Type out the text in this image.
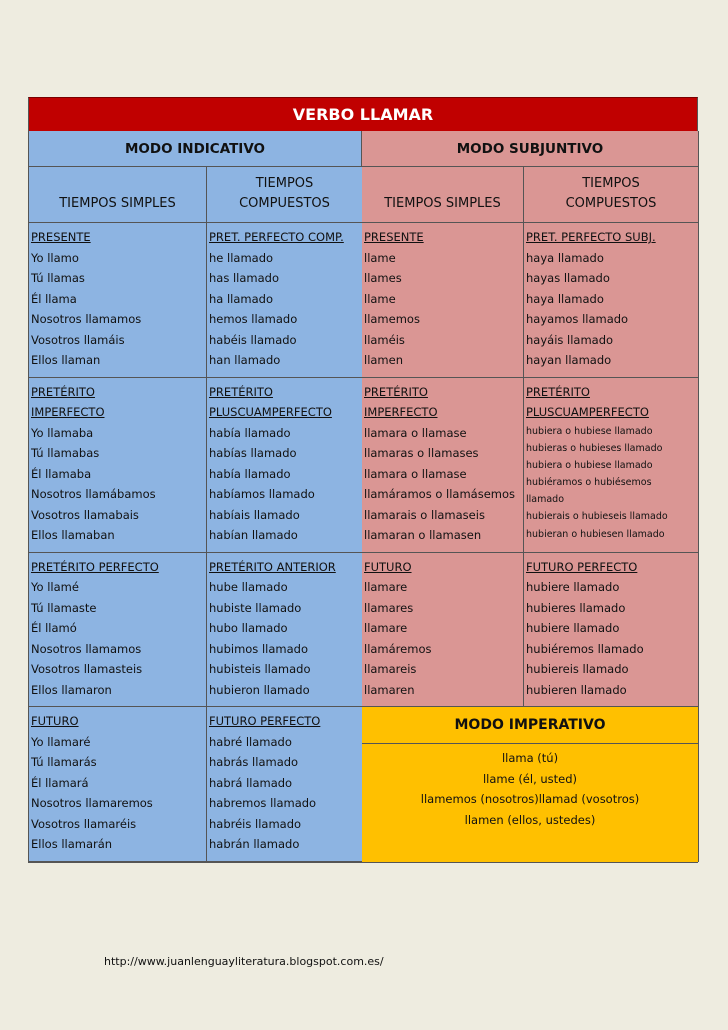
VERBO LLAMAR
MODO INDICATIVO	MODO SUBJUNTIVO
TIEMPOS SIMPLES
TIEMPOS
COMPUESTOS	TIEMPOS SIMPLES
TIEMPOS
COMPUESTOS
PRESENTE
Yo llamo
Tú llamas
Él llama
Nosotros llamamos
Vosotros llamáis
Ellos llaman
PRET. PERFECTO COMP.
he llamado
has llamado
ha llamado
hemos llamado
habéis llamado
han llamado
PRESENTE
llame
llames
llame
llamemos
llaméis
llamen
PRET. PERFECTO SUBJ.
haya llamado
hayas llamado
haya llamado
hayamos llamado
hayáis llamado
hayan llamado
PRETÉRITO
IMPERFECTO
Yo llamaba
Tú llamabas
Él llamaba
Nosotros llamábamos
Vosotros llamabais
Ellos llamaban
PRETÉRITO
PLUSCUAMPERFECTO
había llamado
habías llamado
había llamado
habíamos llamado
habíais llamado
habían llamado
PRETÉRITO
IMPERFECTO
llamara o llamase
llamaras o llamases
llamara o llamase
llamáramos o llamásemos
llamarais o llamaseis
llamaran o llamasen
PRETÉRITO
PLUSCUAMPERFECTO
hubiera o hubiese llamado
hubieras o hubieses llamado
hubiera o hubiese llamado
hubiéramos o hubiésemos
llamado
hubierais o hubieseis llamado
hubieran o hubiesen llamado
PRETÉRITO PERFECTO
Yo llamé
Tú llamaste
Él llamó
Nosotros llamamos
Vosotros llamasteis
Ellos llamaron
PRETÉRITO ANTERIOR
hube llamado
hubiste llamado
hubo llamado
hubimos llamado
hubisteis llamado
hubieron llamado
FUTURO
llamare
llamares
llamare
llamáremos
llamareis
llamaren
FUTURO PERFECTO
hubiere llamado
hubieres llamado
hubiere llamado
hubiéremos llamado
hubiereis llamado
hubieren llamado
FUTURO
Yo llamaré
Tú llamarás
Él llamará
Nosotros llamaremos
Vosotros llamaréis
Ellos llamarán
FUTURO PERFECTO
habré llamado
habrás llamado
habrá llamado
habremos llamado
habréis llamado
habrán llamado
MODO IMPERATIVO
llama (tú)
llame (él, usted)
llamemos (nosotros)llamad (vosotros)
llamen (ellos, ustedes)
http://www.juanlenguayliteratura.blogspot.com.es/
